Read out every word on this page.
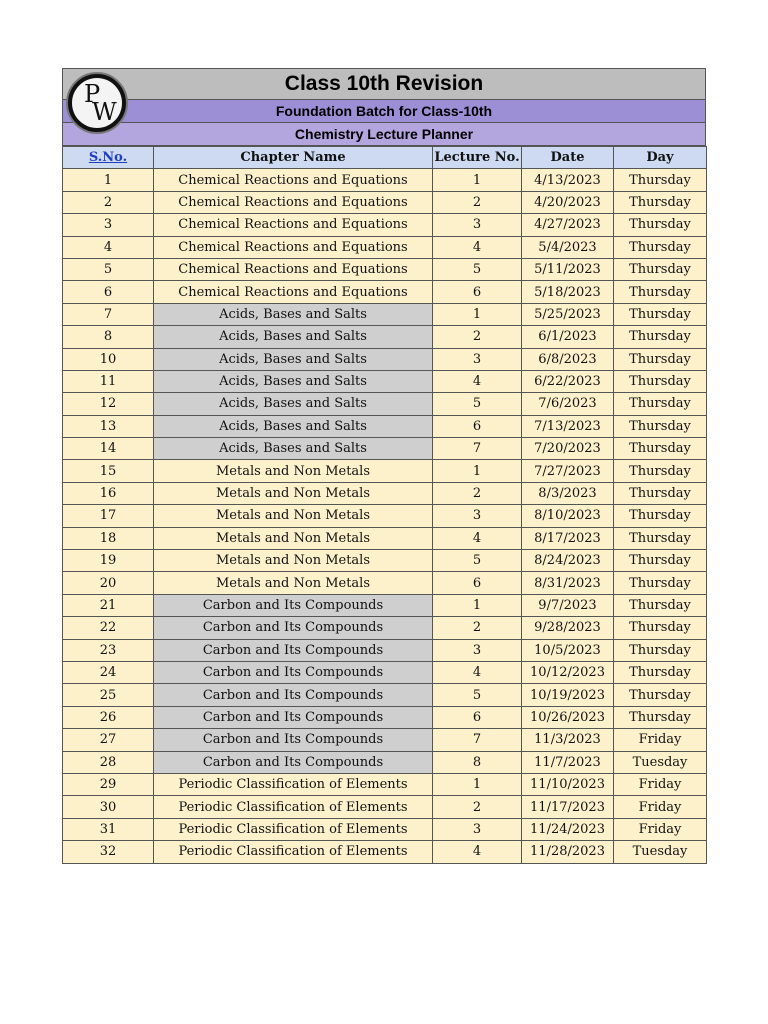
P
W
Class 10th Revision
Foundation Batch for Class-10th
Chemistry Lecture Planner
S.No.	Chapter Name	Lecture No.	Date	Day
1	Chemical Reactions and Equations	1	4/13/2023	Thursday
2	Chemical Reactions and Equations	2	4/20/2023	Thursday
3	Chemical Reactions and Equations	3	4/27/2023	Thursday
4	Chemical Reactions and Equations	4	5/4/2023	Thursday
5	Chemical Reactions and Equations	5	5/11/2023	Thursday
6	Chemical Reactions and Equations	6	5/18/2023	Thursday
7	Acids, Bases and Salts	1	5/25/2023	Thursday
8	Acids, Bases and Salts	2	6/1/2023	Thursday
10	Acids, Bases and Salts	3	6/8/2023	Thursday
11	Acids, Bases and Salts	4	6/22/2023	Thursday
12	Acids, Bases and Salts	5	7/6/2023	Thursday
13	Acids, Bases and Salts	6	7/13/2023	Thursday
14	Acids, Bases and Salts	7	7/20/2023	Thursday
15	Metals and Non Metals	1	7/27/2023	Thursday
16	Metals and Non Metals	2	8/3/2023	Thursday
17	Metals and Non Metals	3	8/10/2023	Thursday
18	Metals and Non Metals	4	8/17/2023	Thursday
19	Metals and Non Metals	5	8/24/2023	Thursday
20	Metals and Non Metals	6	8/31/2023	Thursday
21	Carbon and Its Compounds	1	9/7/2023	Thursday
22	Carbon and Its Compounds	2	9/28/2023	Thursday
23	Carbon and Its Compounds	3	10/5/2023	Thursday
24	Carbon and Its Compounds	4	10/12/2023	Thursday
25	Carbon and Its Compounds	5	10/19/2023	Thursday
26	Carbon and Its Compounds	6	10/26/2023	Thursday
27	Carbon and Its Compounds	7	11/3/2023	Friday
28	Carbon and Its Compounds	8	11/7/2023	Tuesday
29	Periodic Classification of Elements	1	11/10/2023	Friday
30	Periodic Classification of Elements	2	11/17/2023	Friday
31	Periodic Classification of Elements	3	11/24/2023	Friday
32	Periodic Classification of Elements	4	11/28/2023	Tuesday
